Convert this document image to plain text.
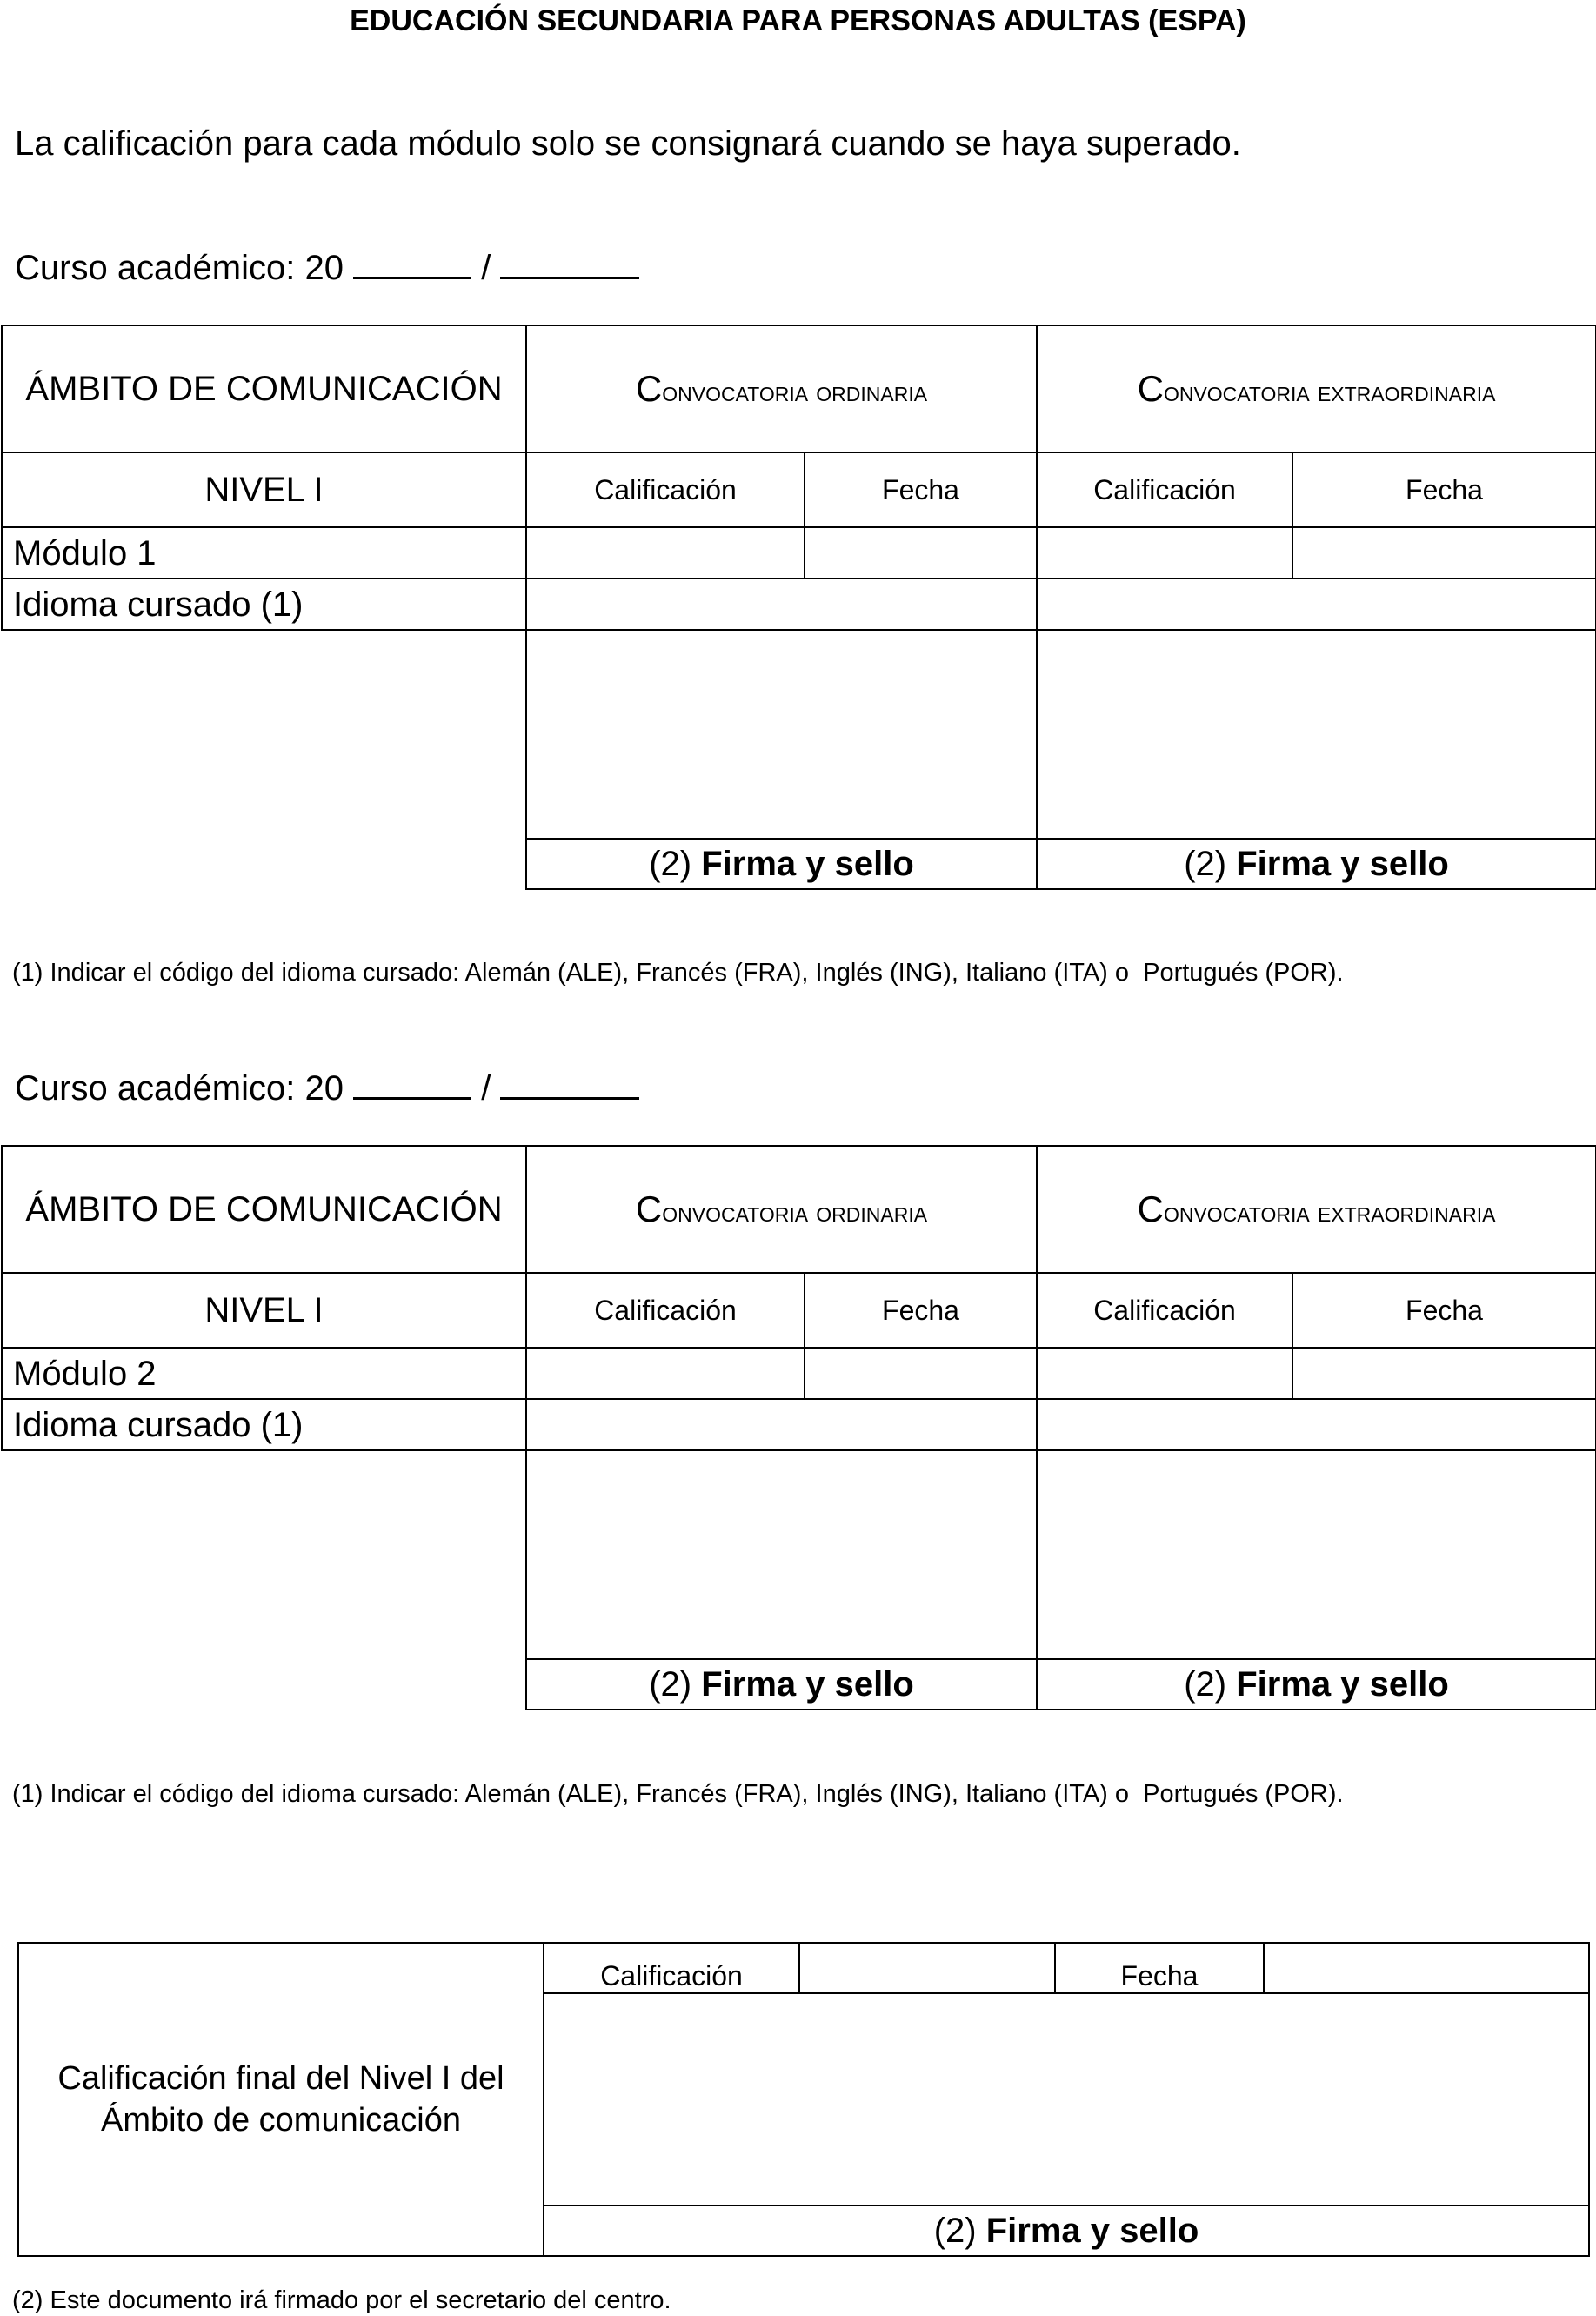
EDUCACIÓN SECUNDARIA PARA PERSONAS ADULTAS (ESPA)
La calificación para cada módulo solo se consignará cuando se haya superado.
Curso académico: 20	/
ÁMBITO DE COMUNICACIÓN	Convocatoria ordinaria		Convocatoria extraordinaria	
NIVEL I	Calificación	Fecha	Calificación	Fecha
Módulo 1				
Idioma cursado (1)				

	(2) Firma y sello		(2) Firma y sello	
(1) Indicar el código del idioma cursado: Alemán (ALE), Francés (FRA), Inglés (ING), Italiano (ITA) o  Portugués (POR).
Curso académico: 20	/
ÁMBITO DE COMUNICACIÓN	Convocatoria ordinaria		Convocatoria extraordinaria	
NIVEL I	Calificación	Fecha	Calificación	Fecha
Módulo 2				
Idioma cursado (1)				

	(2) Firma y sello		(2) Firma y sello	
(1) Indicar el código del idioma cursado: Alemán (ALE), Francés (FRA), Inglés (ING), Italiano (ITA) o  Portugués (POR).
Calificación final del Nivel I del
Ámbito de comunicación	Calificación		Fecha	

(2) Firma y sello
(2) Este documento irá firmado por el secretario del centro.
